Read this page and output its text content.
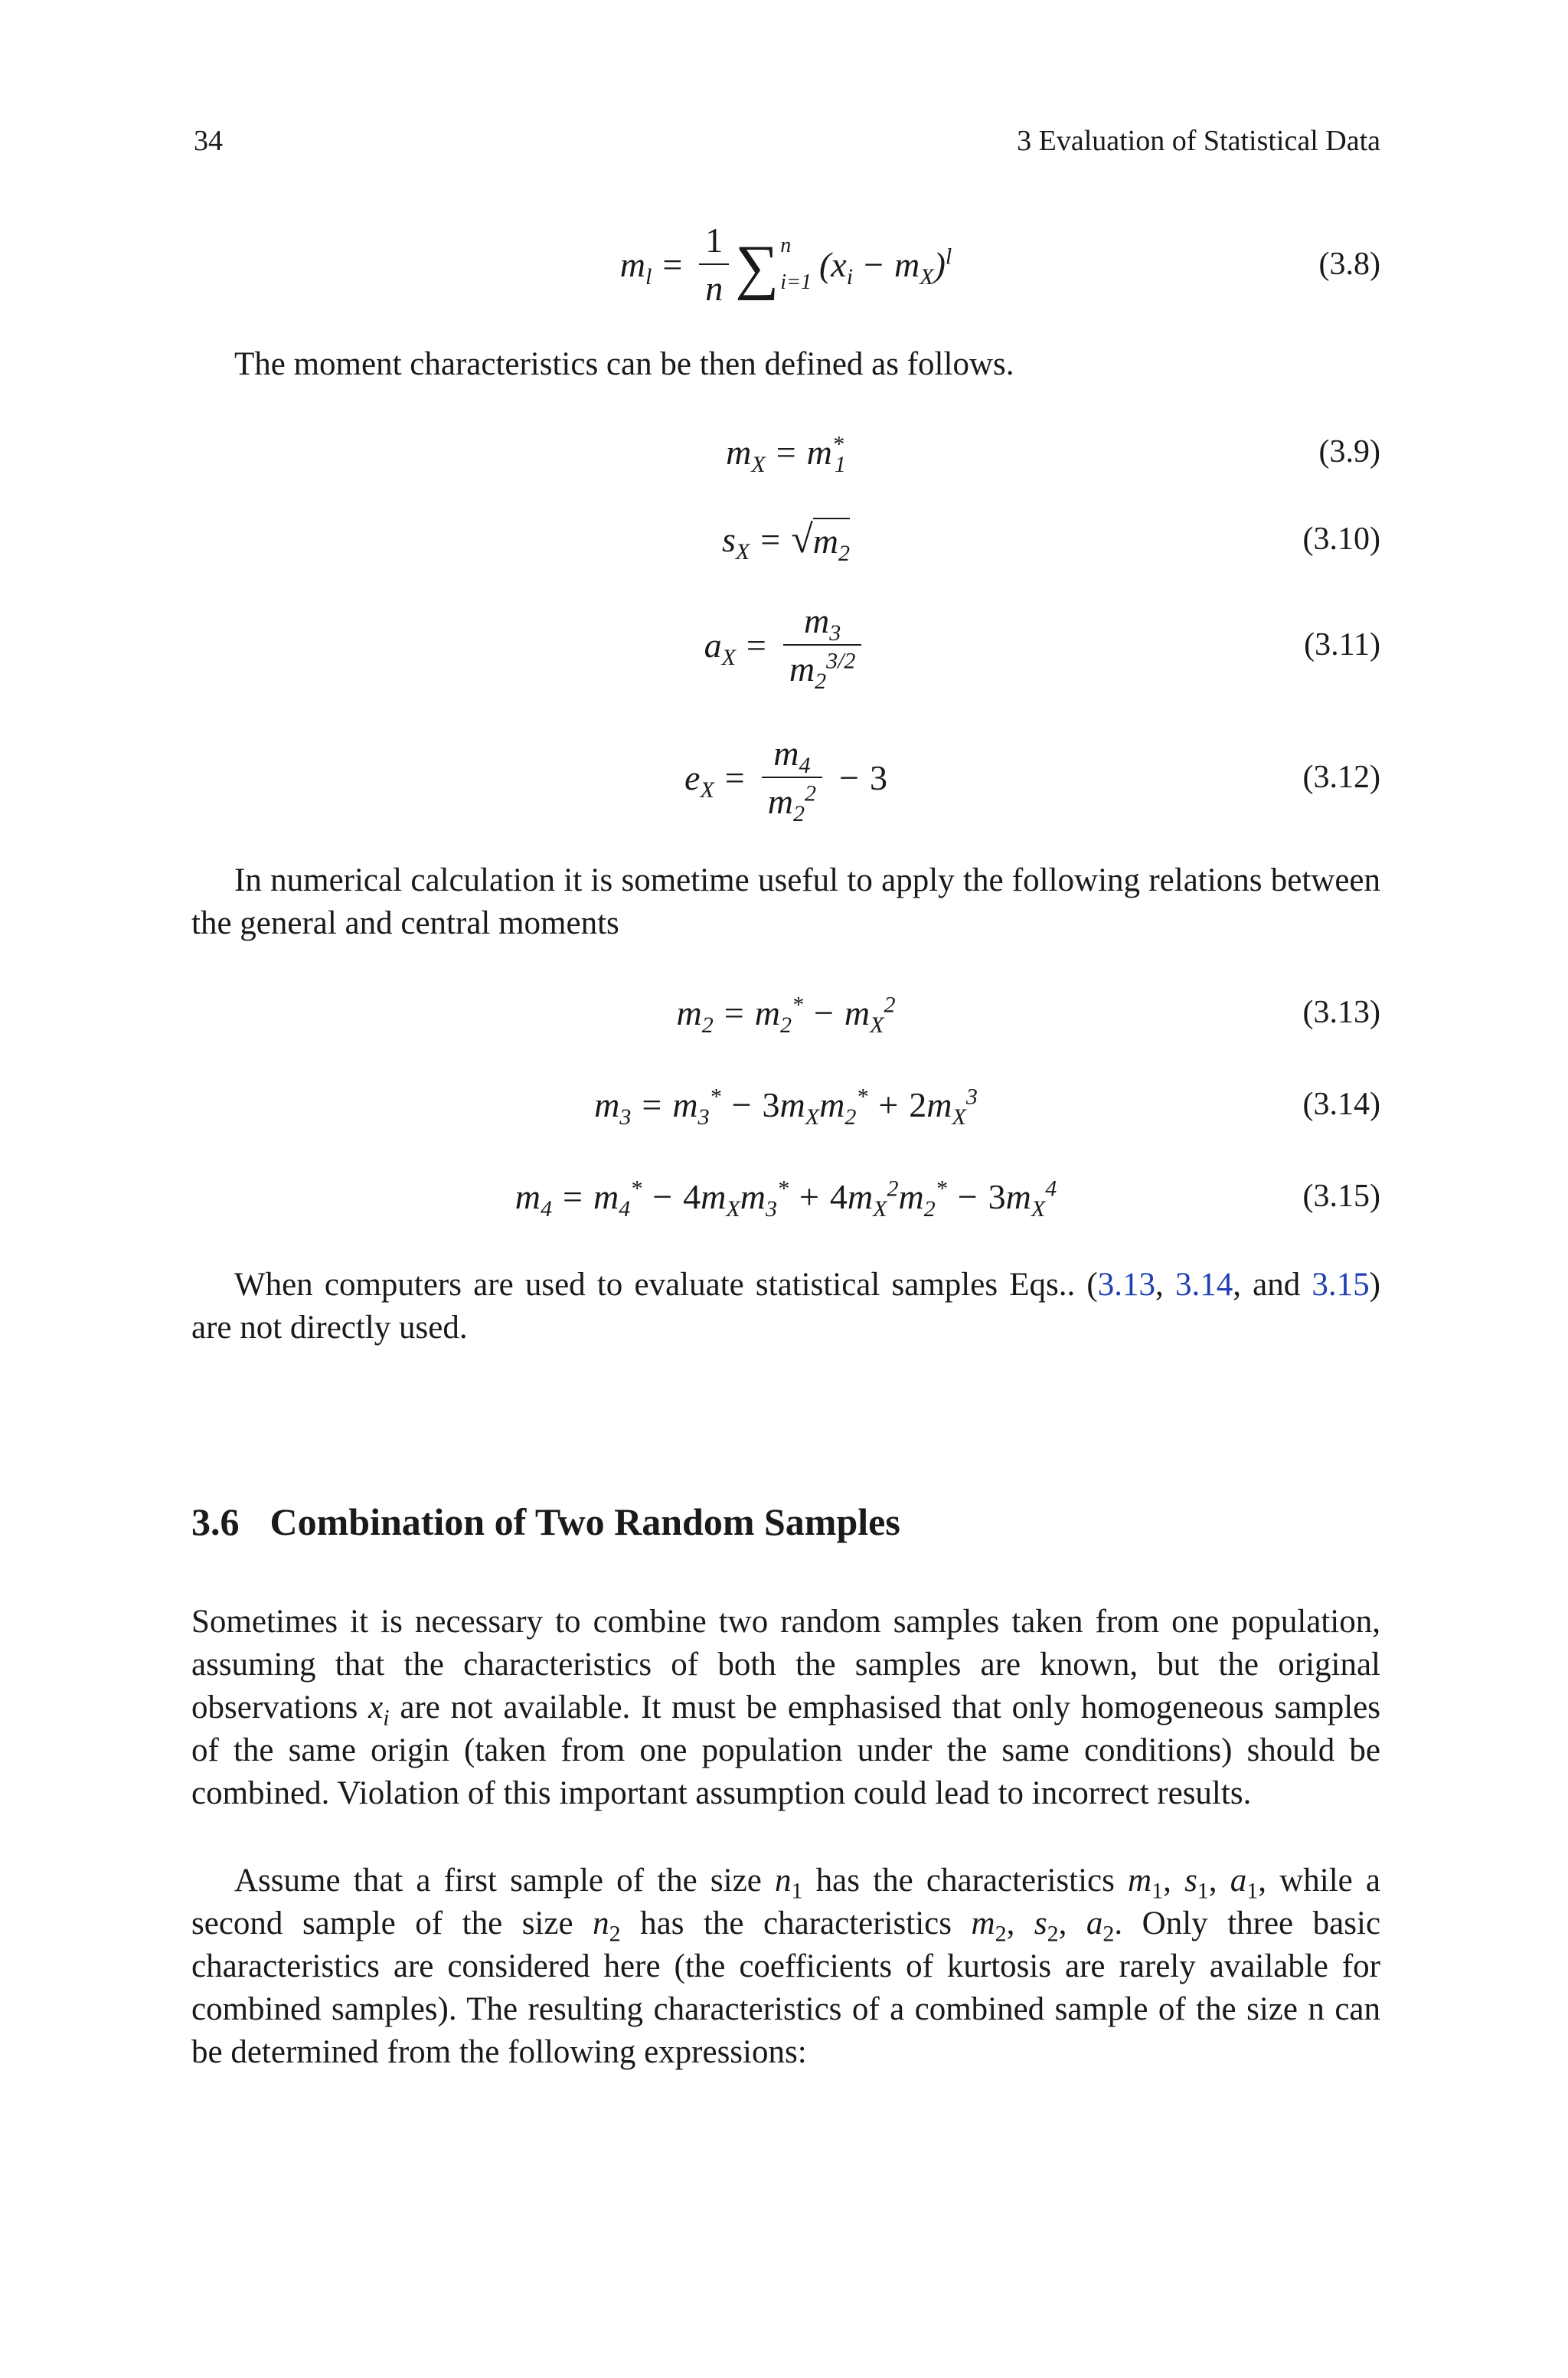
34	3 Evaluation of Statistical Data
$m_l = \frac{1}{n}$ ∑ n
i=1 $(x_i - m_X)^l$	(3.8)

The moment characteristics can be then defined as follows.

$m_X = m^*_1$	(3.9)
$s_X$ = √ $m_2$	(3.10)
$a_X = \frac{m_3}{m_2^{3/2}}$	(3.11)
$e_X = \frac{m_4}{m_2^2} - 3$	(3.12)

In numerical calculation it is sometime useful to apply the following relations between the general and central moments

$m_2 = m_2^* - m_X^2$	(3.13)
$m_3 = m_3^* - 3m_Xm_2^* + 2m_X^3$	(3.14)
$m_4 = m_4^* - 4m_Xm_3^* + 4m_X^2m_2^* - 3m_X^4$	(3.15)

When computers are used to evaluate statistical samples Eqs.. (3.13, 3.14, and 3.15) are not directly used.

3.6 Combination of Two Random Samples

Sometimes it is necessary to combine two random samples taken from one population, assuming that the characteristics of both the samples are known, but the original observations $x_i$ are not available. It must be emphasised that only homogeneous samples of the same origin (taken from one population under the same conditions) should be combined. Violation of this important assumption could lead to incorrect results.

Assume that a first sample of the size $n_1$ has the characteristics $m_1$, $s_1$, $a_1$, while a second sample of the size $n_2$ has the characteristics $m_2$, $s_2$, $a_2$. Only three basic characteristics are considered here (the coefficients of kurtosis are rarely available for combined samples). The resulting characteristics of a combined sample of the size n can be determined from the following expressions:
